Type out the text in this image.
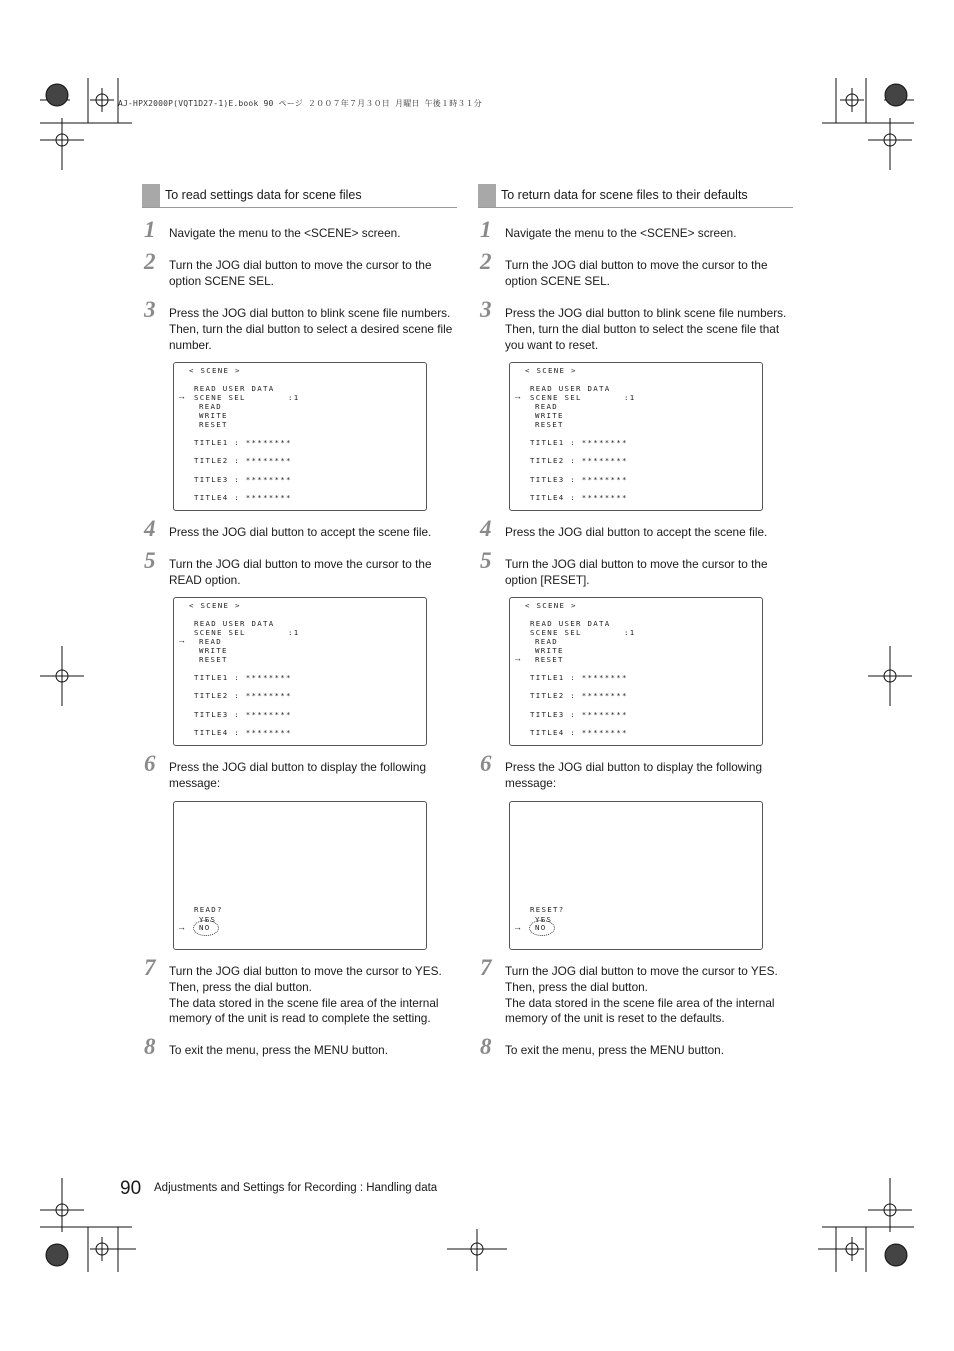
AJ-HPX2000P(VQT1D27-1)E.book 90 ページ ２００７年７月３０日 月曜日 午後１時３１分
To read settings data for scene files
1 Navigate the menu to the <SCENE> screen.
2 Turn the JOG dial button to move the cursor to the option SCENE SEL.
3 Press the JOG dial button to blink scene file numbers. Then, turn the dial button to select a desired scene file number.
< SCENE >
READ USER DATA
→ SCENE SEL	:1
READ
WRITE
RESET
TITLE1 : ********
TITLE2 : ********
TITLE3 : ********
TITLE4 : ********
4 Press the JOG dial button to accept the scene file.
5 Turn the JOG dial button to move the cursor to the READ option.
< SCENE >
READ USER DATA
SCENE SEL	:1
→ READ
WRITE
RESET
TITLE1 : ********
TITLE2 : ********
TITLE3 : ********
TITLE4 : ********
6 Press the JOG dial button to display the following message:
READ?
YES
→ NO
7 Turn the JOG dial button to move the cursor to YES. Then, press the dial button.
The data stored in the scene file area of the internal memory of the unit is read to complete the setting.
8 To exit the menu, press the MENU button.
To return data for scene files to their defaults
1 Navigate the menu to the <SCENE> screen.
2 Turn the JOG dial button to move the cursor to the option SCENE SEL.
3 Press the JOG dial button to blink scene file numbers. Then, turn the dial button to select the scene file that you want to reset.
< SCENE >
READ USER DATA
→ SCENE SEL	:1
READ
WRITE
RESET
TITLE1 : ********
TITLE2 : ********
TITLE3 : ********
TITLE4 : ********
4 Press the JOG dial button to accept the scene file.
5 Turn the JOG dial button to move the cursor to the option [RESET].
< SCENE >
READ USER DATA
SCENE SEL	:1
READ
WRITE
→ RESET
TITLE1 : ********
TITLE2 : ********
TITLE3 : ********
TITLE4 : ********
6 Press the JOG dial button to display the following message:
RESET?
YES
→ NO
7 Turn the JOG dial button to move the cursor to YES. Then, press the dial button.
The data stored in the scene file area of the internal memory of the unit is reset to the defaults.
8 To exit the menu, press the MENU button.
90 Adjustments and Settings for Recording : Handling data
